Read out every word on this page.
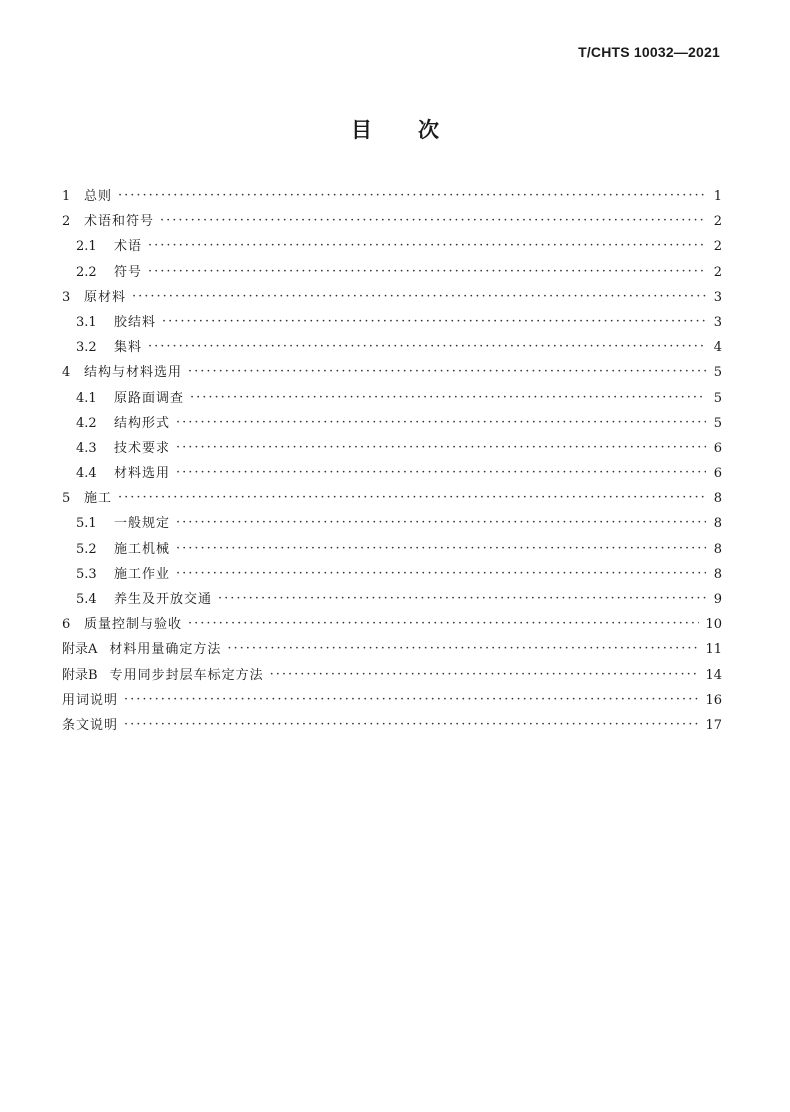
T/CHTS 10032—2021
目次
1	总则 ·····	1
2	术语和符号 ·····	2
2.1	术语 ·····	2
2.2	符号 ·····	2
3	原材料 ·····	3
3.1	胶结料 ·····	3
3.2	集料 ·····	4
4	结构与材料选用 ·····	5
4.1	原路面调查 ·····	5
4.2	结构形式 ·····	5
4.3	技术要求 ·····	6
4.4	材料选用 ·····	6
5	施工 ·····	8
5.1	一般规定 ·····	8
5.2	施工机械 ·····	8
5.3	施工作业 ·····	8
5.4	养生及开放交通 ·····	9
6	质量控制与验收 ·····	10
附录A 材料用量确定方法 ·····	11
附录B 专用同步封层车标定方法 ·····	14
用词说明 ·····	16
条文说明 ·····	17
